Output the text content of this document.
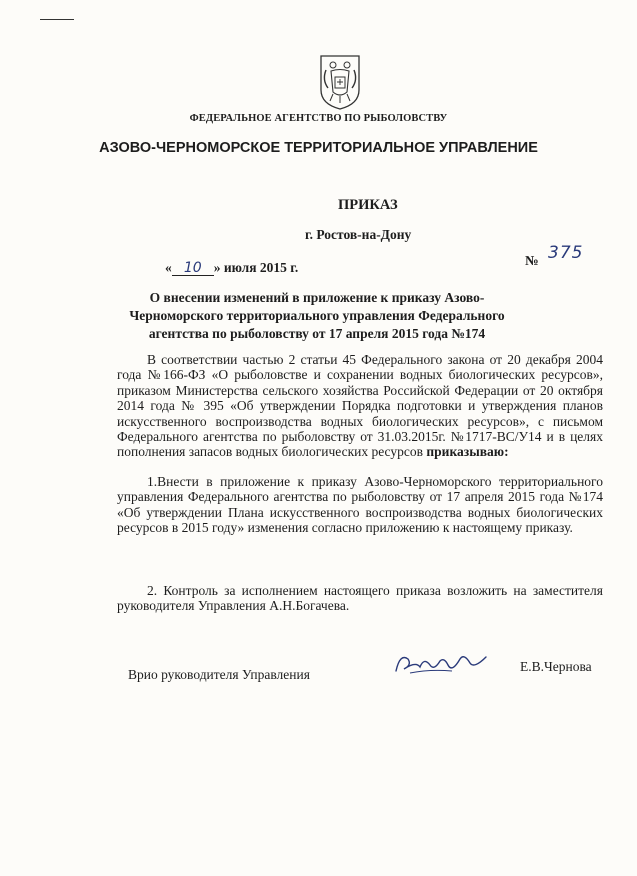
ФЕДЕРАЛЬНОЕ АГЕНТСТВО ПО РЫБОЛОВСТВУ
АЗОВО-ЧЕРНОМОРСКОЕ ТЕРРИТОРИАЛЬНОЕ УПРАВЛЕНИЕ
ПРИКАЗ
г. Ростов-на-Дону
« 10 » июля 2015 г.	№ 375
О внесении изменений в приложение к приказу Азово-Черноморского территориального управления Федерального агентства по рыболовству от 17 апреля 2015 года №174
В соответствии частью 2 статьи 45 Федерального закона от 20 декабря 2004 года №166-ФЗ «О рыболовстве и сохранении водных биологических ресурсов», приказом Министерства сельского хозяйства Российской Федерации от 20 октября 2014 года № 395 «Об утверждении Порядка подготовки и утверждения планов искусственного воспроизводства водных биологических ресурсов», с письмом Федерального агентства по рыболовству от 31.03.2015г. №1717-ВС/У14 и в целях пополнения запасов водных биологических ресурсов приказываю:
1.Внести в приложение к приказу Азово-Черноморского территориального управления Федерального агентства по рыболовству от 17 апреля 2015 года №174 «Об утверждении Плана искусственного воспроизводства водных биологических ресурсов в 2015 году» изменения согласно приложению к настоящему приказу.
2. Контроль за исполнением настоящего приказа возложить на заместителя руководителя Управления А.Н.Богачева.
Врио руководителя Управления
Е.В.Чернова
